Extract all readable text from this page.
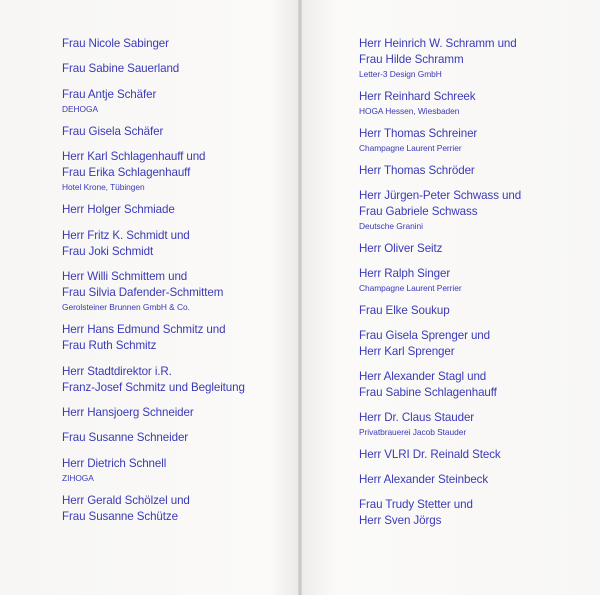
Frau Nicole Sabinger
Frau Sabine Sauerland
Frau Antje Schäfer
DEHOGA
Frau Gisela Schäfer
Herr Karl Schlagenhauff und
Frau Erika Schlagenhauff
Hotel Krone, Tübingen
Herr Holger Schmiade
Herr Fritz K. Schmidt und
Frau Joki Schmidt
Herr Willi Schmittem und
Frau Silvia Dafender-Schmittem
Gerolsteiner Brunnen GmbH & Co.
Herr Hans Edmund Schmitz und
Frau Ruth Schmitz
Herr Stadtdirektor i.R.
Franz-Josef Schmitz und Begleitung
Herr Hansjoerg Schneider
Frau Susanne Schneider
Herr Dietrich Schnell
ZIHOGA
Herr Gerald Schölzel und
Frau Susanne Schütze
Herr Heinrich W. Schramm und
Frau Hilde Schramm
Letter-3 Design GmbH
Herr Reinhard Schreek
HOGA Hessen, Wiesbaden
Herr Thomas Schreiner
Champagne Laurent Perrier
Herr Thomas Schröder
Herr Jürgen-Peter Schwass und
Frau Gabriele Schwass
Deutsche Granini
Herr Oliver Seitz
Herr Ralph Singer
Champagne Laurent Perrier
Frau Elke Soukup
Frau Gisela Sprenger und
Herr Karl Sprenger
Herr Alexander Stagl und
Frau Sabine Schlagenhauff
Herr Dr. Claus Stauder
Privatbrauerei Jacob Stauder
Herr VLRI Dr. Reinald Steck
Herr Alexander Steinbeck
Frau Trudy Stetter und
Herr Sven Jörgs
